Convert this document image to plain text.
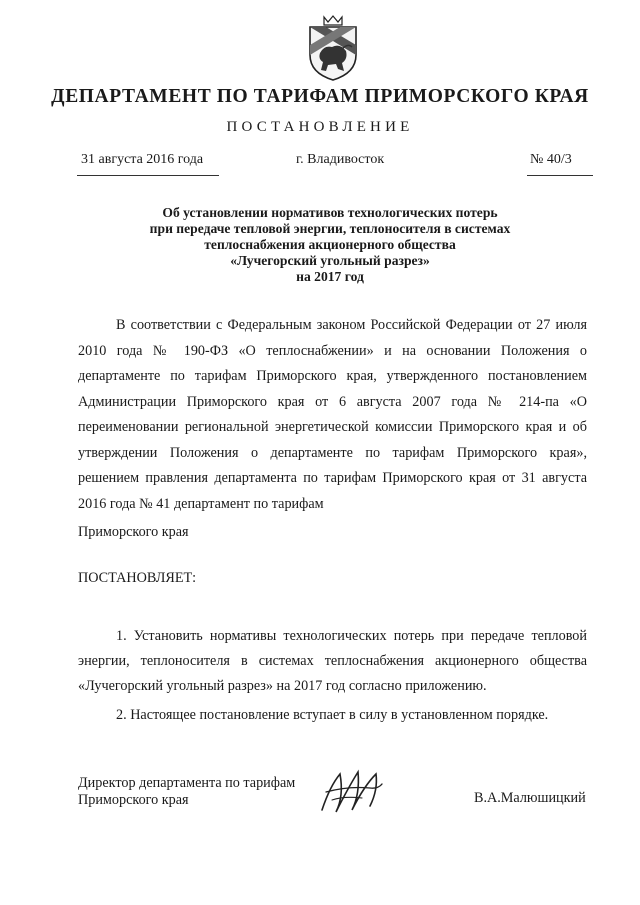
ДЕПАРТАМЕНТ ПО ТАРИФАМ ПРИМОРСКОГО КРАЯ
ПОСТАНОВЛЕНИЕ
31 августа 2016 года	г. Владивосток	№ 40/3
Об установлении нормативов технологических потерь
при передаче тепловой энергии, теплоносителя в системах
теплоснабжения акционерного общества
«Лучегорский угольный разрез»
на 2017 год
В соответствии с Федеральным законом Российской Федерации от 27 июля 2010 года № 190-ФЗ «О теплоснабжении» и на основании Положения о департаменте по тарифам Приморского края, утвержденного постановлением Администрации Приморского края от 6 августа 2007 года № 214-па «О переименовании региональной энергетической комиссии Приморского края и об утверждении Положения о департаменте по тарифам Приморского края», решением правления департамента по тарифам Приморского края от 31 августа 2016 года № 41 департамент по тарифам
Приморского края
ПОСТАНОВЛЯЕТ:
1. Установить нормативы технологических потерь при передаче тепловой энергии, теплоносителя в системах теплоснабжения акционерного общества «Лучегорский угольный разрез» на 2017 год согласно приложению.
2. Настоящее постановление вступает в силу в установленном порядке.
Директор департамента по тарифам
Приморского края	В.А.Малюшицкий
